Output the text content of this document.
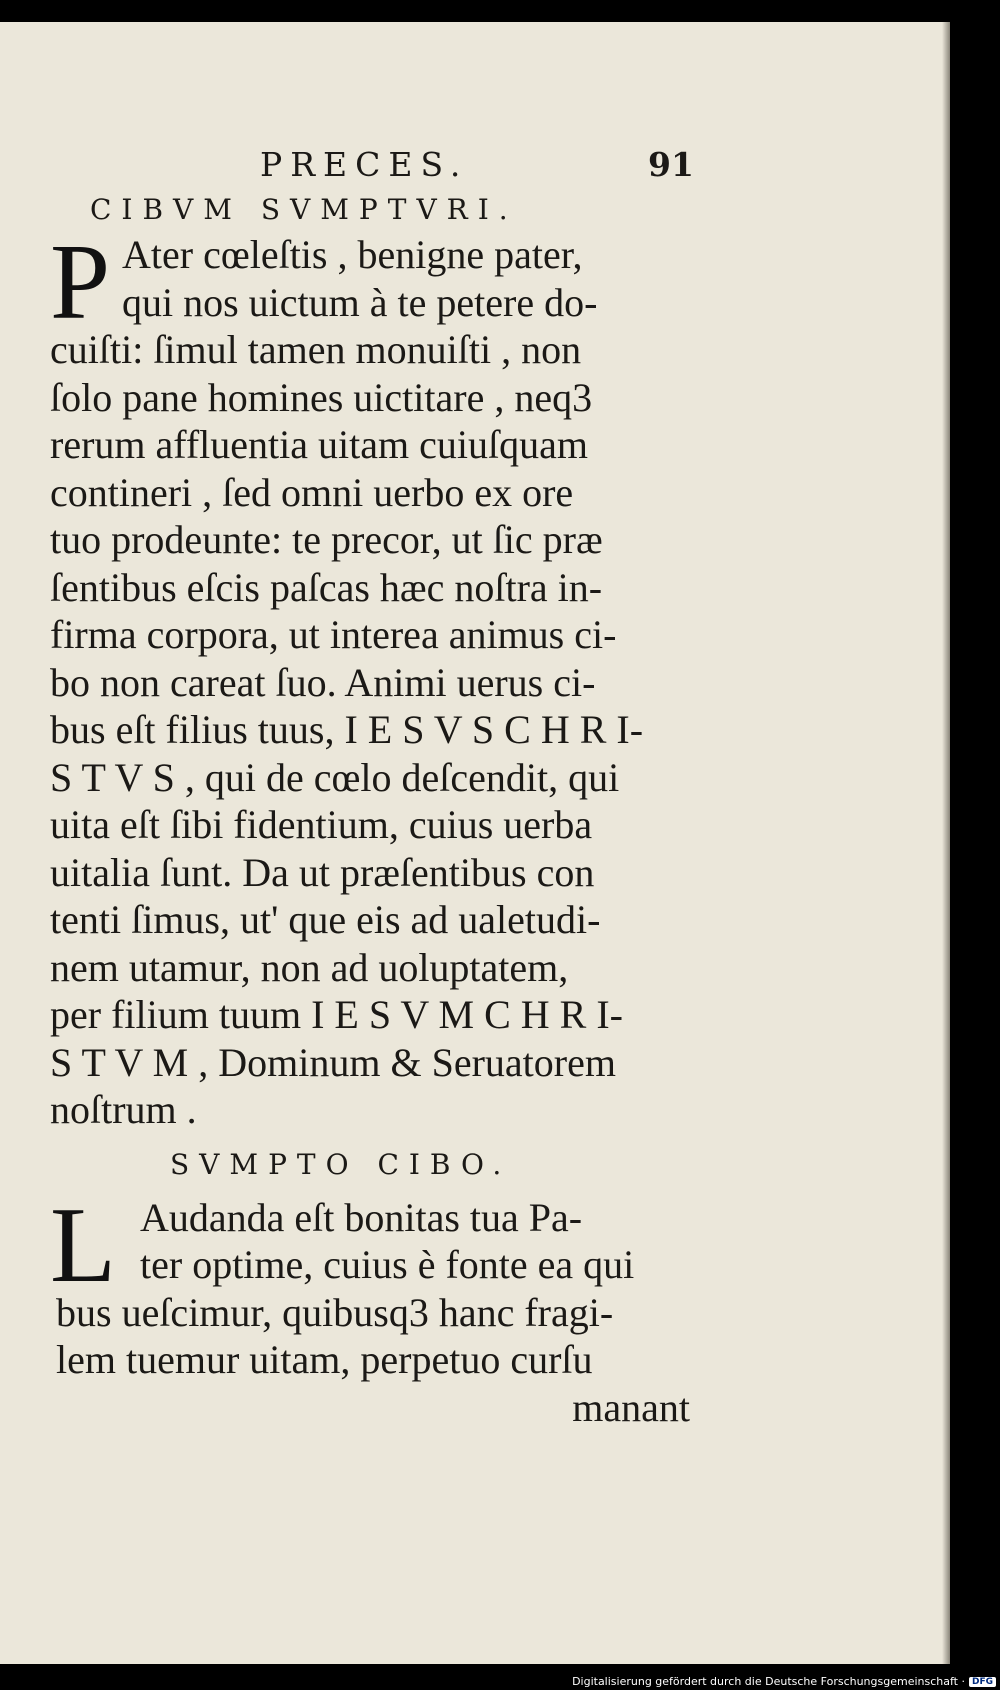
PRECES.	91
CIBVM SVMPTVRI.
P Ater cœleſtis , benigne pater,
qui nos uictum à te petere do-
cuiſti: ſimul tamen monuiſti , non
ſolo pane homines uictitare , neq3
rerum affluentia uitam cuiuſquam
contineri , ſed omni uerbo ex ore
tuo prodeunte: te precor, ut ſic præ
ſentibus eſcis paſcas hæc noſtra in-
firma corpora, ut interea animus ci-
bo non careat ſuo. Animi uerus ci-
bus eſt filius tuus, I E S V S C H R I-
S T V S , qui de cœlo deſcendit, qui
uita eſt ſibi fidentium, cuius uerba
uitalia ſunt. Da ut præſentibus con
tenti ſimus, ut' que eis ad ualetudi-
nem utamur, non ad uoluptatem,
per filium tuum I E S V M C H R I-
S T V M , Dominum & Seruatorem
noſtrum .
SVMPTO CIBO.
L Audanda eſt bonitas tua Pa-
ter optime, cuius è fonte ea qui
bus ueſcimur, quibusq3 hanc fragi-
lem tuemur uitam, perpetuo curſu
manant
Digitalisierung gefördert durch die Deutsche Forschungsgemeinschaft · DFG
